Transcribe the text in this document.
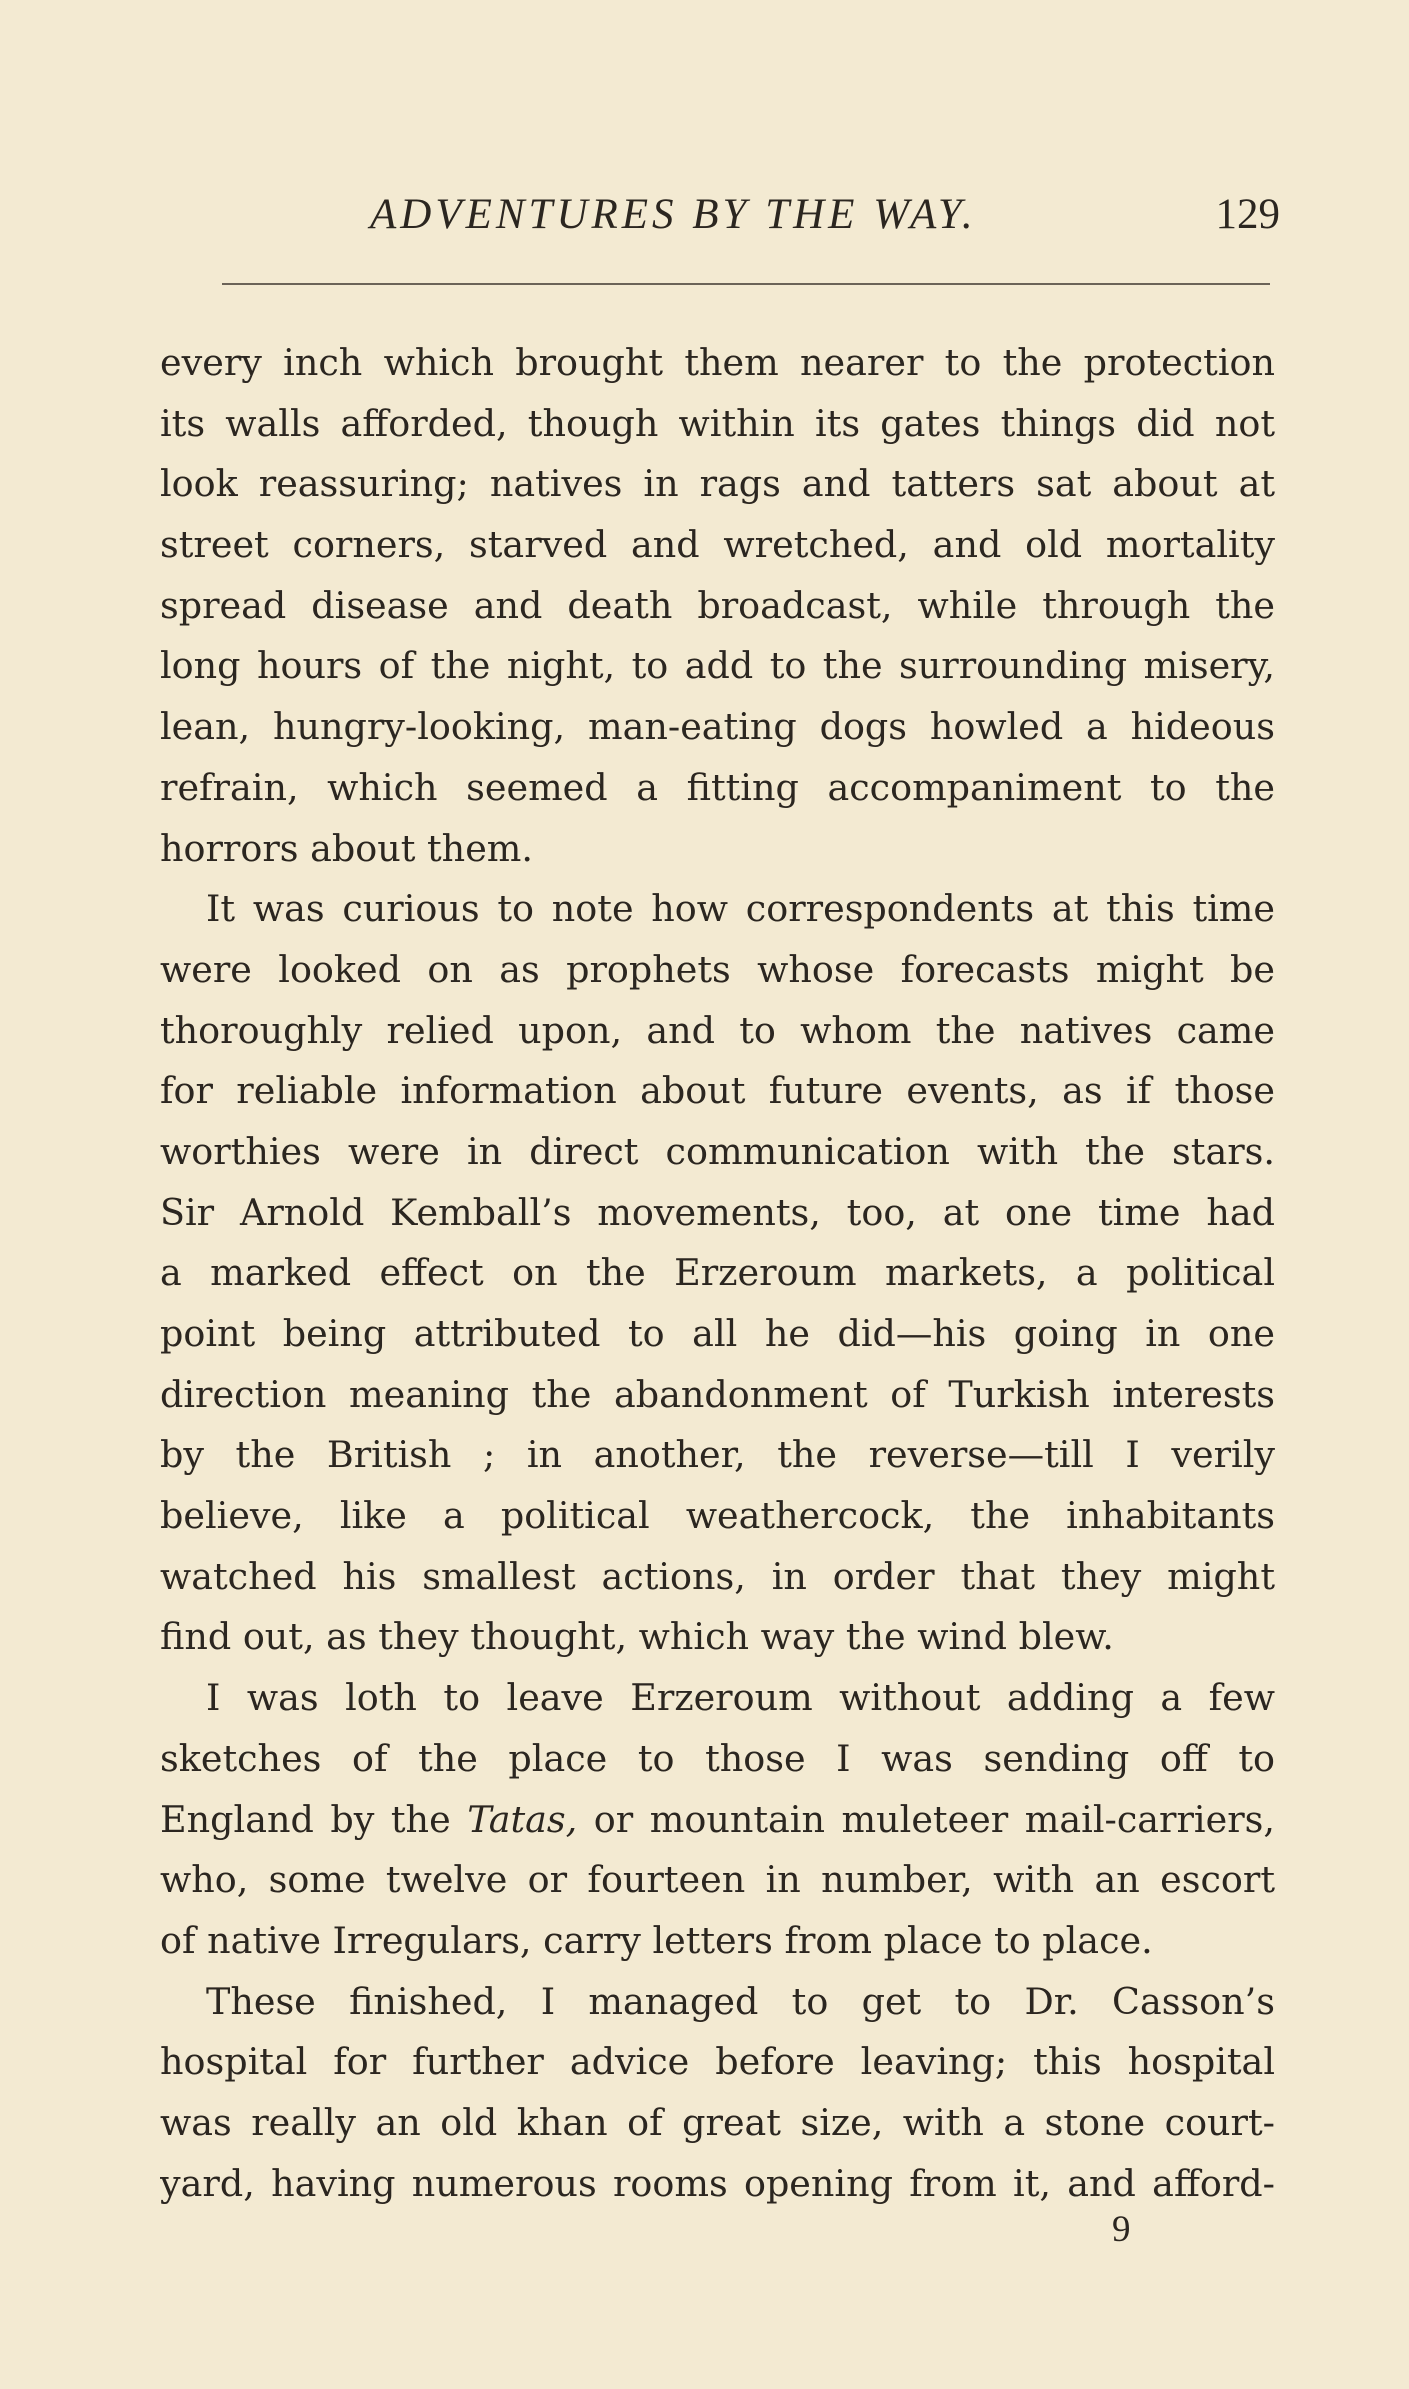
ADVENTURES BY THE WAY.	129
every inch which brought them nearer to the protection
its walls afforded, though within its gates things did not
look reassuring; natives in rags and tatters sat about at
street corners, starved and wretched, and old mortality
spread disease and death broadcast, while through the
long hours of the night, to add to the surrounding misery,
lean, hungry-looking, man-eating dogs howled a hideous
refrain, which seemed a fitting accompaniment to the
horrors about them.
It was curious to note how correspondents at this time
were looked on as prophets whose forecasts might be
thoroughly relied upon, and to whom the natives came
for reliable information about future events, as if those
worthies were in direct communication with the stars.
Sir Arnold Kemball’s movements, too, at one time had
a marked effect on the Erzeroum markets, a political
point being attributed to all he did—his going in one
direction meaning the abandonment of Turkish interests
by the British ; in another, the reverse—till I verily
believe, like a political weathercock, the inhabitants
watched his smallest actions, in order that they might
find out, as they thought, which way the wind blew.
I was loth to leave Erzeroum without adding a few
sketches of the place to those I was sending off to
England by the Tatas, or mountain muleteer mail-carriers,
who, some twelve or fourteen in number, with an escort
of native Irregulars, carry letters from place to place.
These finished, I managed to get to Dr. Casson’s
hospital for further advice before leaving; this hospital
was really an old khan of great size, with a stone court-
yard, having numerous rooms opening from it, and afford-
9
